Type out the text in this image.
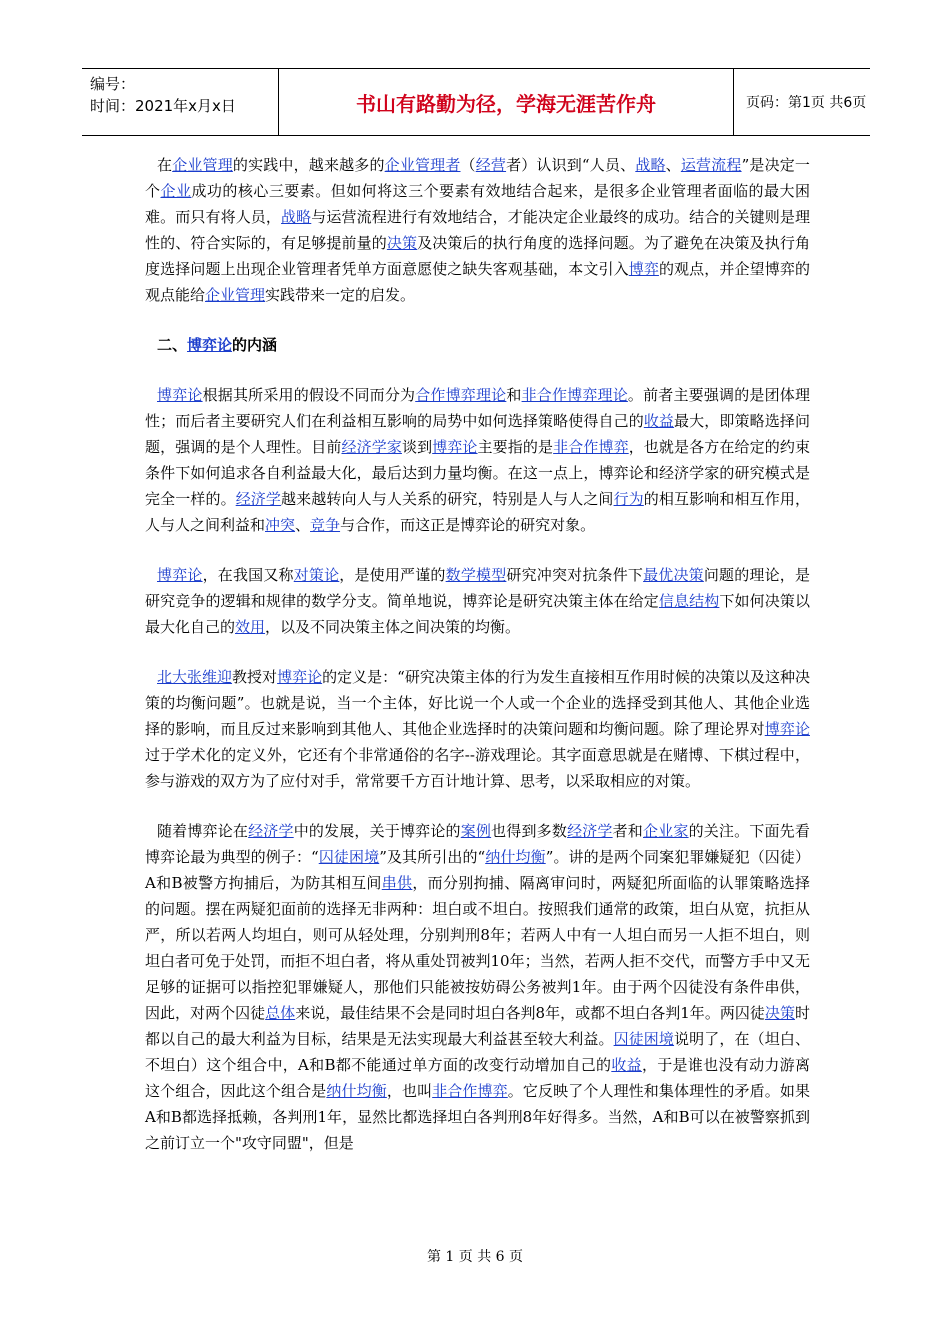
编号：
时间：2021年x月x日	书山有路勤为径，学海无涯苦作舟	页码：第1页 共6页

在企业管理的实践中，越来越多的企业管理者（经营者）认识到“人员、战略、运营流程”是决定一个企业成功的核心三要素。但如何将这三个要素有效地结合起来，是很多企业管理者面临的最大困难。而只有将人员，战略与运营流程进行有效地结合，才能决定企业最终的成功。结合的关键则是理性的、符合实际的，有足够提前量的决策及决策后的执行角度的选择问题。为了避免在决策及执行角度选择问题上出现企业管理者凭单方面意愿使之缺失客观基础，本文引入博弈的观点，并企望博弈的观点能给企业管理实践带来一定的启发。

二、博弈论的内涵

博弈论根据其所采用的假设不同而分为合作博弈理论和非合作博弈理论。前者主要强调的是团体理性；而后者主要研究人们在利益相互影响的局势中如何选择策略使得自己的收益最大，即策略选择问题，强调的是个人理性。目前经济学家谈到博弈论主要指的是非合作博弈，也就是各方在给定的约束条件下如何追求各自利益最大化，最后达到力量均衡。在这一点上，博弈论和经济学家的研究模式是完全一样的。经济学越来越转向人与人关系的研究，特别是人与人之间行为的相互影响和相互作用，人与人之间利益和冲突、竞争与合作，而这正是博弈论的研究对象。

博弈论，在我国又称对策论，是使用严谨的数学模型研究冲突对抗条件下最优决策问题的理论，是研究竞争的逻辑和规律的数学分支。简单地说，博弈论是研究决策主体在给定信息结构下如何决策以最大化自己的效用，以及不同决策主体之间决策的均衡。

北大张维迎教授对博弈论的定义是：“研究决策主体的行为发生直接相互作用时候的决策以及这种决策的均衡问题”。也就是说，当一个主体，好比说一个人或一个企业的选择受到其他人、其他企业选择的影响，而且反过来影响到其他人、其他企业选择时的决策问题和均衡问题。除了理论界对博弈论过于学术化的定义外，它还有个非常通俗的名字--游戏理论。其字面意思就是在赌博、下棋过程中，参与游戏的双方为了应付对手，常常要千方百计地计算、思考，以采取相应的对策。

随着博弈论在经济学中的发展，关于博弈论的案例也得到多数经济学者和企业家的关注。下面先看博弈论最为典型的例子：“囚徒困境”及其所引出的“纳什均衡”。讲的是两个同案犯罪嫌疑犯（囚徒）A和B被警方拘捕后，为防其相互间串供，而分别拘捕、隔离审问时，两疑犯所面临的认罪策略选择的问题。摆在两疑犯面前的选择无非两种：坦白或不坦白。按照我们通常的政策，坦白从宽，抗拒从严，所以若两人均坦白，则可从轻处理，分别判刑8年；若两人中有一人坦白而另一人拒不坦白，则坦白者可免于处罚，而拒不坦白者，将从重处罚被判10年；当然，若两人拒不交代，而警方手中又无足够的证据可以指控犯罪嫌疑人，那他们只能被按妨碍公务被判1年。由于两个囚徒没有条件串供，因此，对两个囚徒总体来说，最佳结果不会是同时坦白各判8年，或都不坦白各判1年。两囚徒决策时都以自己的最大利益为目标，结果是无法实现最大利益甚至较大利益。囚徒困境说明了，在（坦白、不坦白）这个组合中，A和B都不能通过单方面的改变行动增加自己的收益，于是谁也没有动力游离这个组合，因此这个组合是纳什均衡，也叫非合作博弈。它反映了个人理性和集体理性的矛盾。如果A和B都选择抵赖，各判刑1年，显然比都选择坦白各判刑8年好得多。当然，A和B可以在被警察抓到之前订立一个"攻守同盟"，但是

第 1 页 共 6 页
